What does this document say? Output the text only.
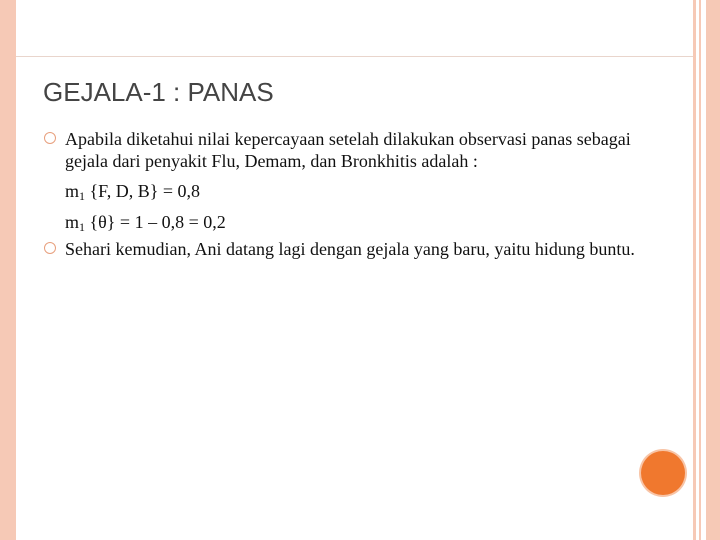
GEJALA-1 : PANAS
Apabila diketahui nilai kepercayaan setelah dilakukan observasi panas sebagai gejala dari penyakit Flu, Demam, dan Bronkhitis adalah :
$m_1$ {F, D, B} = 0,8
$m_1$ {θ} = 1 – 0,8 = 0,2
Sehari kemudian, Ani datang lagi dengan gejala yang baru, yaitu hidung buntu.
